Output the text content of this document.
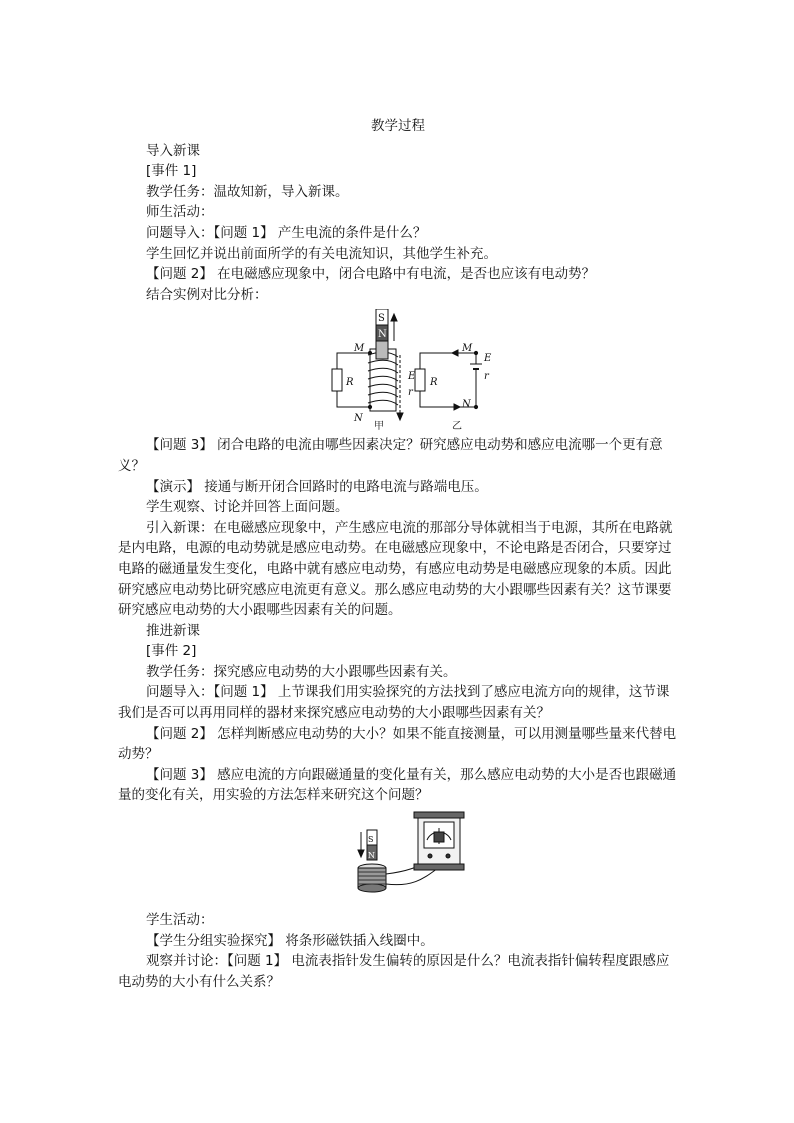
教学过程

导入新课

[事件 1]

教学任务：温故知新，导入新课。

师生活动：

问题导入：【问题 1】 产生电流的条件是什么？

学生回忆并说出前面所学的有关电流知识，其他学生补充。

【问题 2】 在电磁感应现象中，闭合电路中有电流，是否也应该有电动势？

结合实例对比分析：

S
N
M
N
R
E
r
甲
M
N
R
E
r
乙

【问题 3】 闭合电路的电流由哪些因素决定？研究感应电动势和感应电流哪一个更有意义？

【演示】 接通与断开闭合回路时的电路电流与路端电压。

学生观察、讨论并回答上面问题。

引入新课：在电磁感应现象中，产生感应电流的那部分导体就相当于电源，其所在电路就是内电路，电源的电动势就是感应电动势。在电磁感应现象中，不论电路是否闭合，只要穿过电路的磁通量发生变化，电路中就有感应电动势，有感应电动势是电磁感应现象的本质。因此研究感应电动势比研究感应电流更有意义。那么感应电动势的大小跟哪些因素有关？这节课要研究感应电动势的大小跟哪些因素有关的问题。

推进新课

[事件 2]

教学任务：探究感应电动势的大小跟哪些因素有关。

问题导入：【问题 1】 上节课我们用实验探究的方法找到了感应电流方向的规律，这节课我们是否可以再用同样的器材来探究感应电动势的大小跟哪些因素有关？

【问题 2】 怎样判断感应电动势的大小？如果不能直接测量，可以用测量哪些量来代替电动势？

【问题 3】 感应电流的方向跟磁通量的变化量有关，那么感应电动势的大小是否也跟磁通量的变化有关，用实验的方法怎样来研究这个问题？

S
N

学生活动：

【学生分组实验探究】 将条形磁铁插入线圈中。

观察并讨论：【问题 1】 电流表指针发生偏转的原因是什么？电流表指针偏转程度跟感应电动势的大小有什么关系？
